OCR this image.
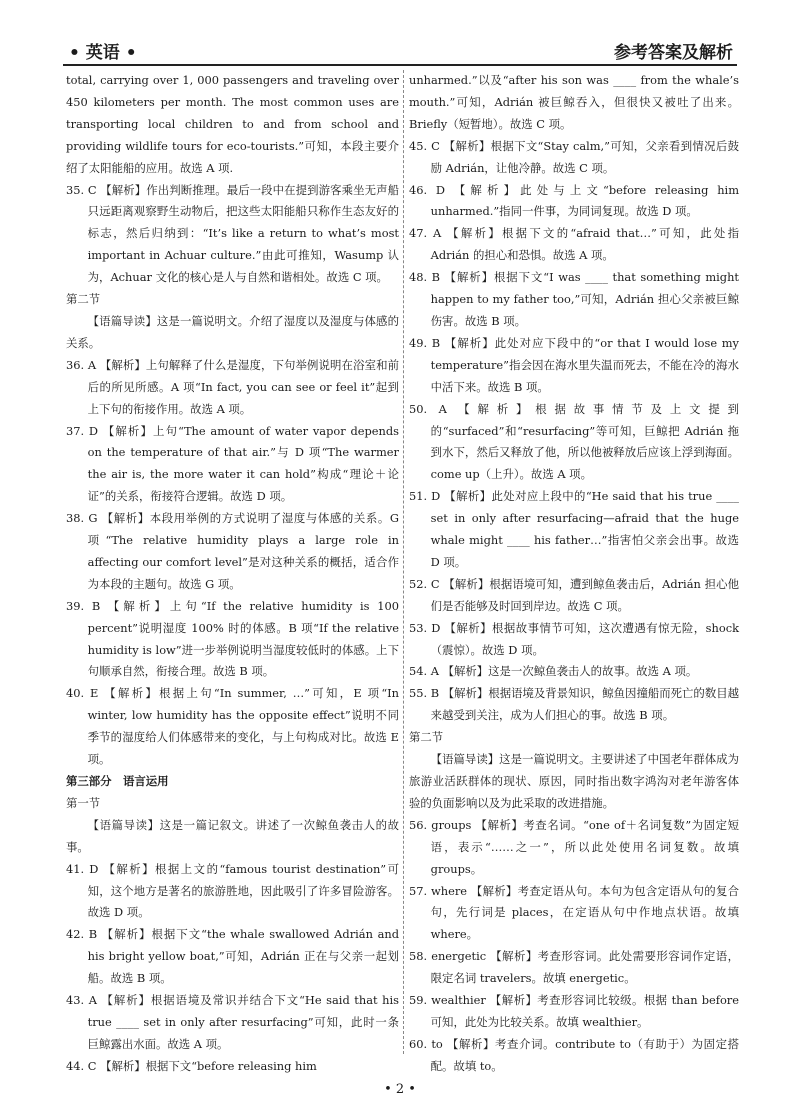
• 英语 •	参考答案及解析

total, carrying over 1, 000 passengers and traveling over 450 kilometers per month. The most common uses are transporting local children to and from school and providing wildlife tours for eco-tourists.”可知，本段主要介绍了太阳能船的应用。故选 A 项.

35. C 【解析】作出判断推理。最后一段中在提到游客乘坐无声船只远距离观察野生动物后，把这些太阳能船只称作生态友好的标志，然后归纳到：“It’s like a return to what’s most important in Achuar culture.”由此可推知，Wasump 认为，Achuar 文化的核心是人与自然和谐相处。故选 C 项。

第二节

【语篇导读】这是一篇说明文。介绍了湿度以及湿度与体感的关系。

36. A 【解析】上句解释了什么是湿度，下句举例说明在浴室和前后的所见所感。A 项“In fact, you can see or feel it”起到上下句的衔接作用。故选 A 项。

37. D 【解析】上句“The amount of water vapor depends on the temperature of that air.”与 D 项“The warmer the air is, the more water it can hold”构成“理论＋论证”的关系，衔接符合逻辑。故选 D 项。

38. G 【解析】本段用举例的方式说明了湿度与体感的关系。G 项“The relative humidity plays a large role in affecting our comfort level”是对这种关系的概括，适合作为本段的主题句。故选 G 项。

39. B 【解析】上句“If the relative humidity is 100 percent”说明湿度 100% 时的体感。B 项“If the relative humidity is low”进一步举例说明当湿度较低时的体感。上下句顺承自然，衔接合理。故选 B 项。

40. E 【解析】根据上句“In summer, …”可知，E 项“In winter, low humidity has the opposite effect”说明不同季节的湿度给人们体感带来的变化，与上句构成对比。故选 E 项。

第三部分　语言运用

第一节

【语篇导读】这是一篇记叙文。讲述了一次鲸鱼袭击人的故事。

41. D 【解析】根据上文的“famous tourist destination”可知，这个地方是著名的旅游胜地，因此吸引了许多冒险游客。故选 D 项。

42. B 【解析】根据下文“the whale swallowed Adrián and his bright yellow boat,”可知，Adrián 正在与父亲一起划船。故选 B 项。

43. A 【解析】根据语境及常识并结合下文“He said that his true ____ set in only after resurfacing”可知，此时一条巨鲸露出水面。故选 A 项。

44. C 【解析】根据下文“before releasing him

unharmed.”以及“after his son was ____ from the whale’s mouth.”可知，Adrián 被巨鲸吞入，但很快又被吐了出来。Briefly（短暂地）。故选 C 项。

45. C 【解析】根据下文“Stay calm,”可知，父亲看到情况后鼓励 Adrián，让他冷静。故选 C 项。

46. D 【解析】此处与上文“before releasing him unharmed.”指同一件事，为同词复现。故选 D 项。

47. A 【解析】根据下文的“afraid that…”可知，此处指 Adrián 的担心和恐惧。故选 A 项。

48. B 【解析】根据下文“I was ____ that something might happen to my father too,”可知，Adrián 担心父亲被巨鲸伤害。故选 B 项。

49. B 【解析】此处对应下段中的“or that I would lose my temperature”指会因在海水里失温而死去，不能在冷的海水中活下来。故选 B 项。

50. A 【解析】根据故事情节及上文提到的“surfaced”和“resurfacing”等可知，巨鲸把 Adrián 拖到水下，然后又释放了他，所以他被释放后应该上浮到海面。come up（上升）。故选 A 项。

51. D 【解析】此处对应上段中的“He said that his true ____ set in only after resurfacing—afraid that the huge whale might ____ his father…”指害怕父亲会出事。故选 D 项。

52. C 【解析】根据语境可知，遭到鲸鱼袭击后，Adrián 担心他们是否能够及时回到岸边。故选 C 项。

53. D 【解析】根据故事情节可知，这次遭遇有惊无险，shock（震惊）。故选 D 项。

54. A 【解析】这是一次鲸鱼袭击人的故事。故选 A 项。

55. B 【解析】根据语境及背景知识，鲸鱼因撞船而死亡的数目越来越受到关注，成为人们担心的事。故选 B 项。

第二节

【语篇导读】这是一篇说明文。主要讲述了中国老年群体成为旅游业活跃群体的现状、原因，同时指出数字鸿沟对老年游客体验的负面影响以及为此采取的改进措施。

56. groups 【解析】考查名词。“one of＋名词复数”为固定短语，表示“……之一”，所以此处使用名词复数。故填 groups。

57. where 【解析】考查定语从句。本句为包含定语从句的复合句，先行词是 places，在定语从句中作地点状语。故填 where。

58. energetic 【解析】考查形容词。此处需要形容词作定语，限定名词 travelers。故填 energetic。

59. wealthier 【解析】考查形容词比较级。根据 than before 可知，此处为比较关系。故填 wealthier。

60. to 【解析】考查介词。contribute to（有助于）为固定搭配。故填 to。

• 2 •
